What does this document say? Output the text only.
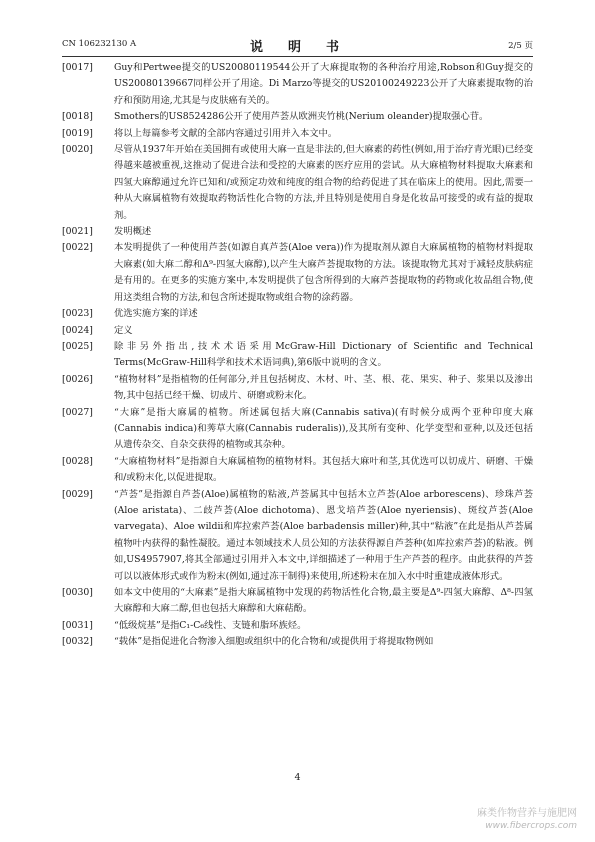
CN 106232130 A	说　明　书	2/5 页
[0017]	Guy和Pertwee提交的US20080119544公开了大麻提取物的各种治疗用途,Robson和Guy提交的US20080139667同样公开了用途。Di Marzo等提交的US20100249223公开了大麻素提取物的治疗和预防用途,尤其是与皮肤癌有关的。
[0018]	Smothers的US8524286公开了使用芦荟从欧洲夹竹桃(Nerium oleander)提取强心苷。
[0019]	将以上每篇参考文献的全部内容通过引用并入本文中。
[0020]	尽管从1937年开始在美国拥有或使用大麻一直是非法的,但大麻素的药性(例如,用于治疗青光眼)已经变得越来越被重视,这推动了促进合法和受控的大麻素的医疗应用的尝试。从大麻植物材料提取大麻素和四氢大麻醇通过允许已知和/或预定功效和纯度的组合物的给药促进了其在临床上的使用。因此,需要一种从大麻属植物有效提取药物活性化合物的方法,并且特别是使用自身是化妆品可接受的或有益的提取剂。
[0021]	发明概述
[0022]	本发明提供了一种使用芦荟(如源自真芦荟(Aloe vera))作为提取剂从源自大麻属植物的植物材料提取大麻素(如大麻二醇和Δ⁹-四氢大麻醇),以产生大麻芦荟提取物的方法。该提取物尤其对于减轻皮肤病症是有用的。在更多的实施方案中,本发明提供了包含所得到的大麻芦荟提取物的药物或化妆品组合物,使用这类组合物的方法,和包含所述提取物或组合物的涂药器。
[0023]	优选实施方案的详述
[0024]	定义
[0025]	除非另外指出,技术术语采用McGraw-Hill Dictionary of Scientific and Technical Terms(McGraw-Hill科学和技术术语词典),第6版中说明的含义。
[0026]	“植物材料”是指植物的任何部分,并且包括树皮、木材、叶、茎、根、花、果实、种子、浆果以及渗出物,其中包括已经干燥、切成片、研磨或粉末化。
[0027]	“大麻”是指大麻属的植物。所述属包括大麻(Cannabis sativa)(有时候分成两个亚种印度大麻(Cannabis indica)和莠草大麻(Cannabis ruderalis)),及其所有变种、化学变型和亚种,以及还包括从遗传杂交、自杂交获得的植物或其杂种。
[0028]	“大麻植物材料”是指源自大麻属植物的植物材料。其包括大麻叶和茎,其优选可以切成片、研磨、干燥和/或粉末化,以促进提取。
[0029]	“芦荟”是指源自芦荟(Aloe)属植物的粘液,芦荟属其中包括木立芦荟(Aloe arborescens)、珍珠芦荟(Aloe aristata)、二歧芦荟(Aloe dichotoma)、恩戈培芦荟(Aloe nyeriensis)、斑纹芦荟(Aloe varvegata)、Aloe wildii和库拉索芦荟(Aloe barbadensis miller)种,其中“粘液”在此是指从芦荟属植物叶内获得的黏性凝胶。通过本领域技术人员公知的方法获得源自芦荟种(如库拉索芦荟)的粘液。例如,US4957907,将其全部通过引用并入本文中,详细描述了一种用于生产芦荟的程序。由此获得的芦荟可以以液体形式或作为粉末(例如,通过冻干制得)来使用,所述粉末在加入水中时重建成液体形式。
[0030]	如本文中使用的“大麻素”是指大麻属植物中发现的药物活性化合物,最主要是Δ⁹-四氢大麻醇、Δ⁸-四氢大麻醇和大麻二醇,但也包括大麻醇和大麻萜酚。
[0031]	“低级烷基”是指C₁-C₆线性、支链和脂环族烃。
[0032]	“载体”是指促进化合物渗入细胞或组织中的化合物和/或提供用于将提取物例如
4
麻类作物营养与施肥网
www.fibercrops.com
